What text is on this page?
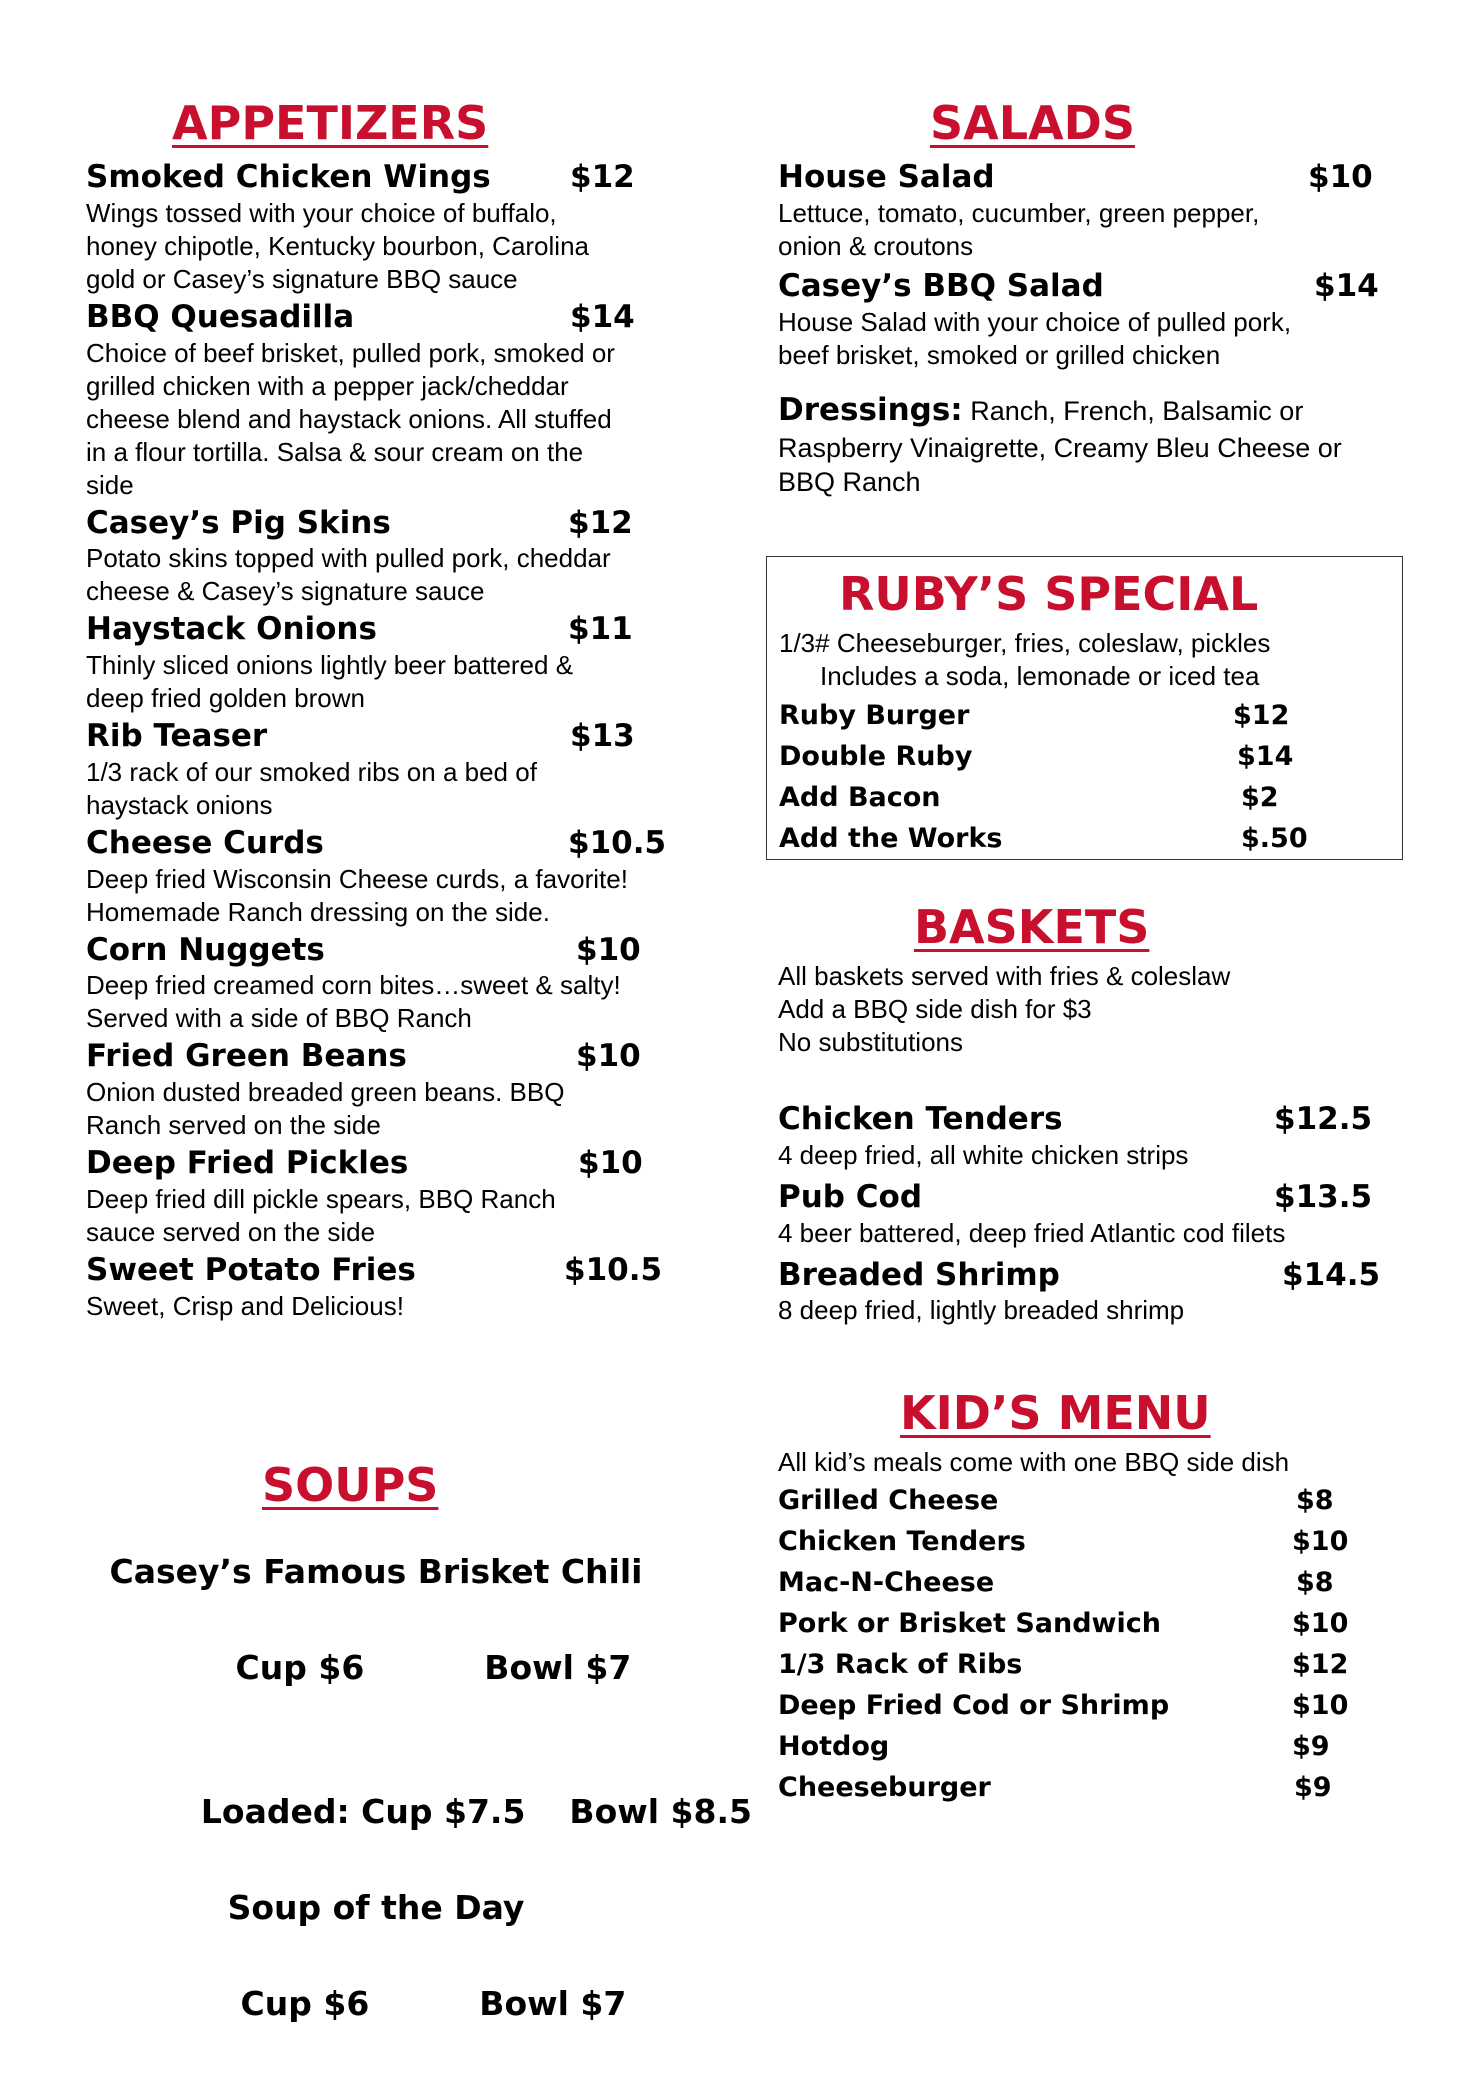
APPETIZERS
Smoked Chicken Wings	$12
Wings tossed with your choice of buffalo,
honey chipotle, Kentucky bourbon, Carolina
gold or Casey’s signature BBQ sauce
BBQ Quesadilla	$14
Choice of beef brisket, pulled pork, smoked or
grilled chicken with a pepper jack/cheddar
cheese blend and haystack onions. All stuffed
in a flour tortilla. Salsa & sour cream on the
side
Casey’s Pig Skins	$12
Potato skins topped with pulled pork, cheddar
cheese & Casey’s signature sauce
Haystack Onions	$11
Thinly sliced onions lightly beer battered &
deep fried golden brown
Rib Teaser	$13
1/3 rack of our smoked ribs on a bed of
haystack onions
Cheese Curds	$10.5
Deep fried Wisconsin Cheese curds, a favorite!
Homemade Ranch dressing on the side.
Corn Nuggets	$10
Deep fried creamed corn bites…sweet & salty!
Served with a side of BBQ Ranch
Fried Green Beans	$10
Onion dusted breaded green beans. BBQ
Ranch served on the side
Deep Fried Pickles	$10
Deep fried dill pickle spears, BBQ Ranch
sauce served on the side
Sweet Potato Fries	$10.5
Sweet, Crisp and Delicious!
SOUPS
Casey’s Famous Brisket Chili

Cup $6	Bowl $7

Loaded: Cup $7.5 Bowl $8.5

Soup of the Day

Cup $6	Bowl $7

SALADS
House Salad	$10
Lettuce, tomato, cucumber, green pepper,
onion & croutons
Casey’s BBQ Salad	$14
House Salad with your choice of pulled pork,
beef brisket, smoked or grilled chicken
Dressings: Ranch, French, Balsamic or
Raspberry Vinaigrette, Creamy Bleu Cheese or
BBQ Ranch
RUBY’S SPECIAL
1/3# Cheeseburger, fries, coleslaw, pickles
Includes a soda, lemonade or iced tea
Ruby Burger	$12
Double Ruby	$14
Add Bacon	$2
Add the Works	$.50
BASKETS
All baskets served with fries & coleslaw
Add a BBQ side dish for $3
No substitutions
Chicken Tenders	$12.5
4 deep fried, all white chicken strips
Pub Cod	$13.5
4 beer battered, deep fried Atlantic cod filets
Breaded Shrimp	$14.5
8 deep fried, lightly breaded shrimp
KID’S MENU
All kid’s meals come with one BBQ side dish
Grilled Cheese	$8
Chicken Tenders	$10
Mac-N-Cheese	$8
Pork or Brisket Sandwich	$10
1/3 Rack of Ribs	$12
Deep Fried Cod or Shrimp	$10
Hotdog	$9
Cheeseburger	$9
